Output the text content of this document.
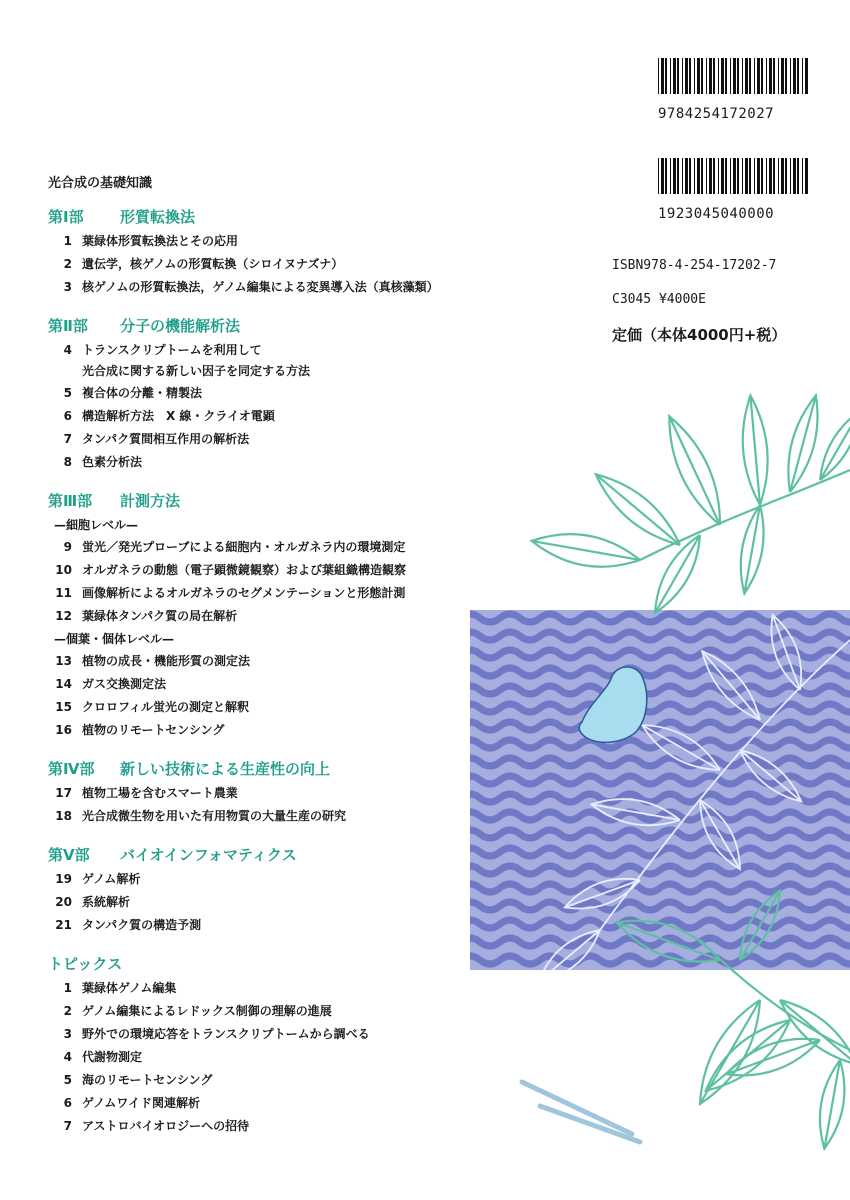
9784254172027
1923045040000
ISBN978-4-254-17202-7
C3045 ¥4000E
定価（本体4000円+税）
光合成の基礎知識
第Ⅰ部	形質転換法
1 葉緑体形質転換法とその応用
2 遺伝学，核ゲノムの形質転換（シロイヌナズナ）
3 核ゲノムの形質転換法，ゲノム編集による変異導入法（真核藻類）
第Ⅱ部	分子の機能解析法
4 トランスクリプトームを利用して
光合成に関する新しい因子を同定する方法
5 複合体の分離・精製法
6 構造解析方法　X 線・クライオ電顕
7 タンパク質間相互作用の解析法
8 色素分析法
第Ⅲ部	計測方法
—細胞レベル—
9 蛍光／発光プローブによる細胞内・オルガネラ内の環境測定
10 オルガネラの動態（電子顕微鏡観察）および葉組織構造観察
11 画像解析によるオルガネラのセグメンテーションと形態計測
12 葉緑体タンパク質の局在解析
—個葉・個体レベル—
13 植物の成長・機能形質の測定法
14 ガス交換測定法
15 クロロフィル蛍光の測定と解釈
16 植物のリモートセンシング
第Ⅳ部	新しい技術による生産性の向上
17 植物工場を含むスマート農業
18 光合成微生物を用いた有用物質の大量生産の研究
第Ⅴ部	バイオインフォマティクス
19 ゲノム解析
20 系統解析
21 タンパク質の構造予測
トピックス
1 葉緑体ゲノム編集
2 ゲノム編集によるレドックス制御の理解の進展
3 野外での環境応答をトランスクリプトームから調べる
4 代謝物測定
5 海のリモートセンシング
6 ゲノムワイド関連解析
7 アストロバイオロジーへの招待
